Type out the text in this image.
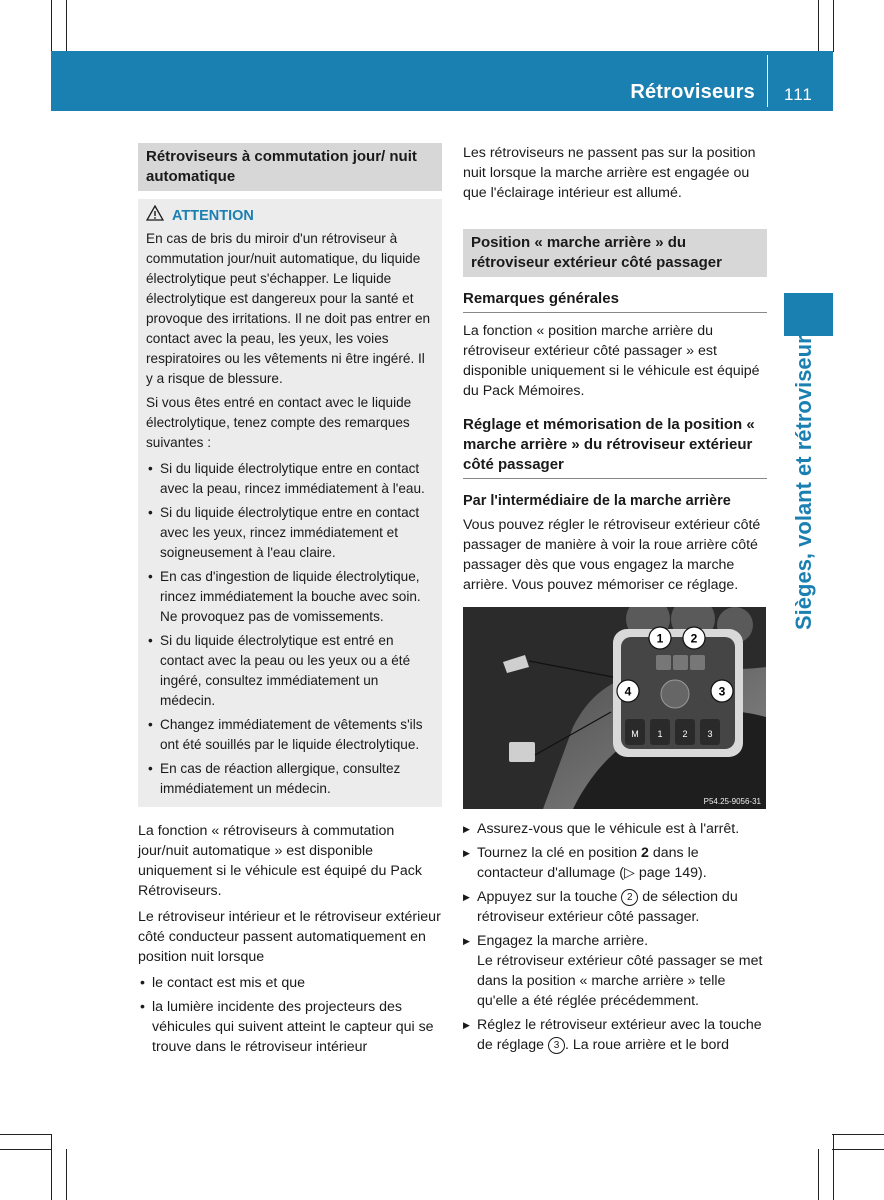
Rétroviseurs 111
Sièges, volant et rétroviseurs
Rétroviseurs à commutation jour/ nuit automatique
ATTENTION

En cas de bris du miroir d'un rétroviseur à commutation jour/nuit automatique, du liquide électrolytique peut s'échapper. Le liquide électrolytique est dangereux pour la santé et provoque des irritations. Il ne doit pas entrer en contact avec la peau, les yeux, les voies respiratoires ou les vêtements ni être ingéré. Il y a risque de blessure.

Si vous êtes entré en contact avec le liquide électrolytique, tenez compte des remarques suivantes :

• Si du liquide électrolytique entre en contact avec la peau, rincez immédiatement à l'eau.
• Si du liquide électrolytique entre en contact avec les yeux, rincez immédiatement et soigneusement à l'eau claire.
• En cas d'ingestion de liquide électrolytique, rincez immédiatement la bouche avec soin. Ne provoquez pas de vomissements.
• Si du liquide électrolytique est entré en contact avec la peau ou les yeux ou a été ingéré, consultez immédiatement un médecin.
• Changez immédiatement de vêtements s'ils ont été souillés par le liquide électrolytique.
• En cas de réaction allergique, consultez immédiatement un médecin.

La fonction « rétroviseurs à commutation jour/nuit automatique » est disponible uniquement si le véhicule est équipé du Pack Rétroviseurs.

Le rétroviseur intérieur et le rétroviseur extérieur côté conducteur passent automatiquement en position nuit lorsque

• le contact est mis et que
• la lumière incidente des projecteurs des véhicules qui suivent atteint le capteur qui se trouve dans le rétroviseur intérieur

Les rétroviseurs ne passent pas sur la position nuit lorsque la marche arrière est engagée ou que l'éclairage intérieur est allumé.

Position « marche arrière » du rétroviseur extérieur côté passager
Remarques générales

La fonction « position marche arrière du rétroviseur extérieur côté passager » est disponible uniquement si le véhicule est équipé du Pack Mémoires.

Réglage et mémorisation de la position « marche arrière » du rétroviseur extérieur côté passager
Par l'intermédiaire de la marche arrière

Vous pouvez régler le rétroviseur extérieur côté passager de manière à voir la roue arrière côté passager dès que vous engagez la marche arrière. Vous pouvez mémoriser ce réglage.

M 1 2 3
1 2
3
4
P54.25-9056-31
▶ Assurez-vous que le véhicule est à l'arrêt.
▶ Tournez la clé en position 2 dans le contacteur d'allumage (▷ page 149).
▶ Appuyez sur la touche 2 de sélection du rétroviseur extérieur côté passager.
▶ Engagez la marche arrière.
Le rétroviseur extérieur côté passager se met dans la position « marche arrière » telle qu'elle a été réglée précédemment.
▶ Réglez le rétroviseur extérieur avec la touche de réglage 3 . La roue arrière et le bord
